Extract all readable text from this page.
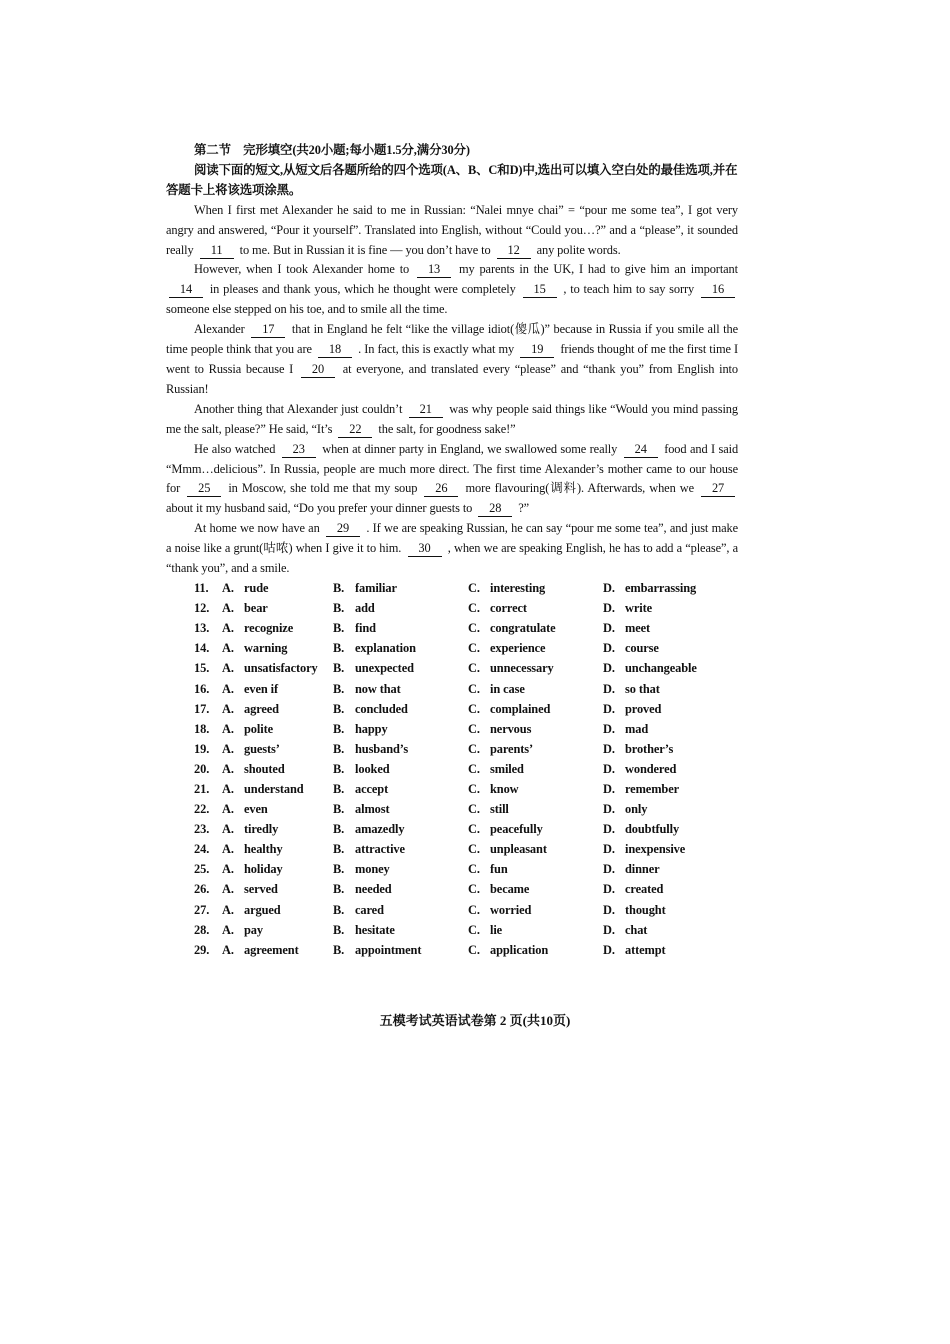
第二节　完形填空(共20小题;每小题1.5分,满分30分)

阅读下面的短文,从短文后各题所给的四个选项(A、B、C和D)中,选出可以填入空白处的最佳选项,并在答题卡上将该选项涂黑。

When I first met Alexander he said to me in Russian: “Nalei mnye chai” = “pour me some tea”, I got very angry and answered, “Pour it yourself”. Translated into English, without “Could you…?” and a “please”, it sounded really 11 to me. But in Russian it is fine — you don’t have to 12 any polite words.

However, when I took Alexander home to 13 my parents in the UK, I had to give him an important 14 in pleases and thank yous, which he thought were completely 15 , to teach him to say sorry 16 someone else stepped on his toe, and to smile all the time.

Alexander 17 that in England he felt “like the village idiot(傻瓜)” because in Russia if you smile all the time people think that you are 18 . In fact, this is exactly what my 19 friends thought of me the first time I went to Russia because I 20 at everyone, and translated every “please” and “thank you” from English into Russian!

Another thing that Alexander just couldn’t 21 was why people said things like “Would you mind passing me the salt, please?” He said, “It’s 22 the salt, for goodness sake!”

He also watched 23 when at dinner party in England, we swallowed some really 24 food and I said “Mmm…delicious”. In Russia, people are much more direct. The first time Alexander’s mother came to our house for 25 in Moscow, she told me that my soup 26 more flavouring(调料). Afterwards, when we 27 about it my husband said, “Do you prefer your dinner guests to 28 ?”

At home we now have an 29 . If we are speaking Russian, he can say “pour me some tea”, and just make a noise like a grunt(咕哝) when I give it to him. 30 , when we are speaking English, he has to add a “please”, a “thank you”, and a smile.

11.	A. rude	B. familiar	C. interesting	D. embarrassing
12.	A. bear	B. add	C. correct	D. write
13.	A. recognize	B. find	C. congratulate	D. meet
14.	A. warning	B. explanation	C. experience	D. course
15.	A. unsatisfactory B. unexpected	C. unnecessary	D. unchangeable
16.	A. even if	B. now that	C. in case	D. so that
17.	A. agreed	B. concluded	C. complained	D. proved
18.	A. polite	B. happy	C. nervous	D. mad
19.	A. guests’	B. husband’s	C. parents’	D. brother’s
20.	A. shouted	B. looked	C. smiled	D. wondered
21.	A. understand B. accept	C. know	D. remember
22.	A. even	B. almost	C. still	D. only
23.	A. tiredly	B. amazedly	C. peacefully	D. doubtfully
24.	A. healthy	B. attractive	C. unpleasant	D. inexpensive
25.	A. holiday	B. money	C. fun	D. dinner
26.	A. served	B. needed	C. became	D. created
27.	A. argued	B. cared	C. worried	D. thought
28.	A. pay	B. hesitate	C. lie	D. chat
29.	A. agreement	B. appointment	C. application	D. attempt
五模考试英语试卷第 2 页(共10页)
